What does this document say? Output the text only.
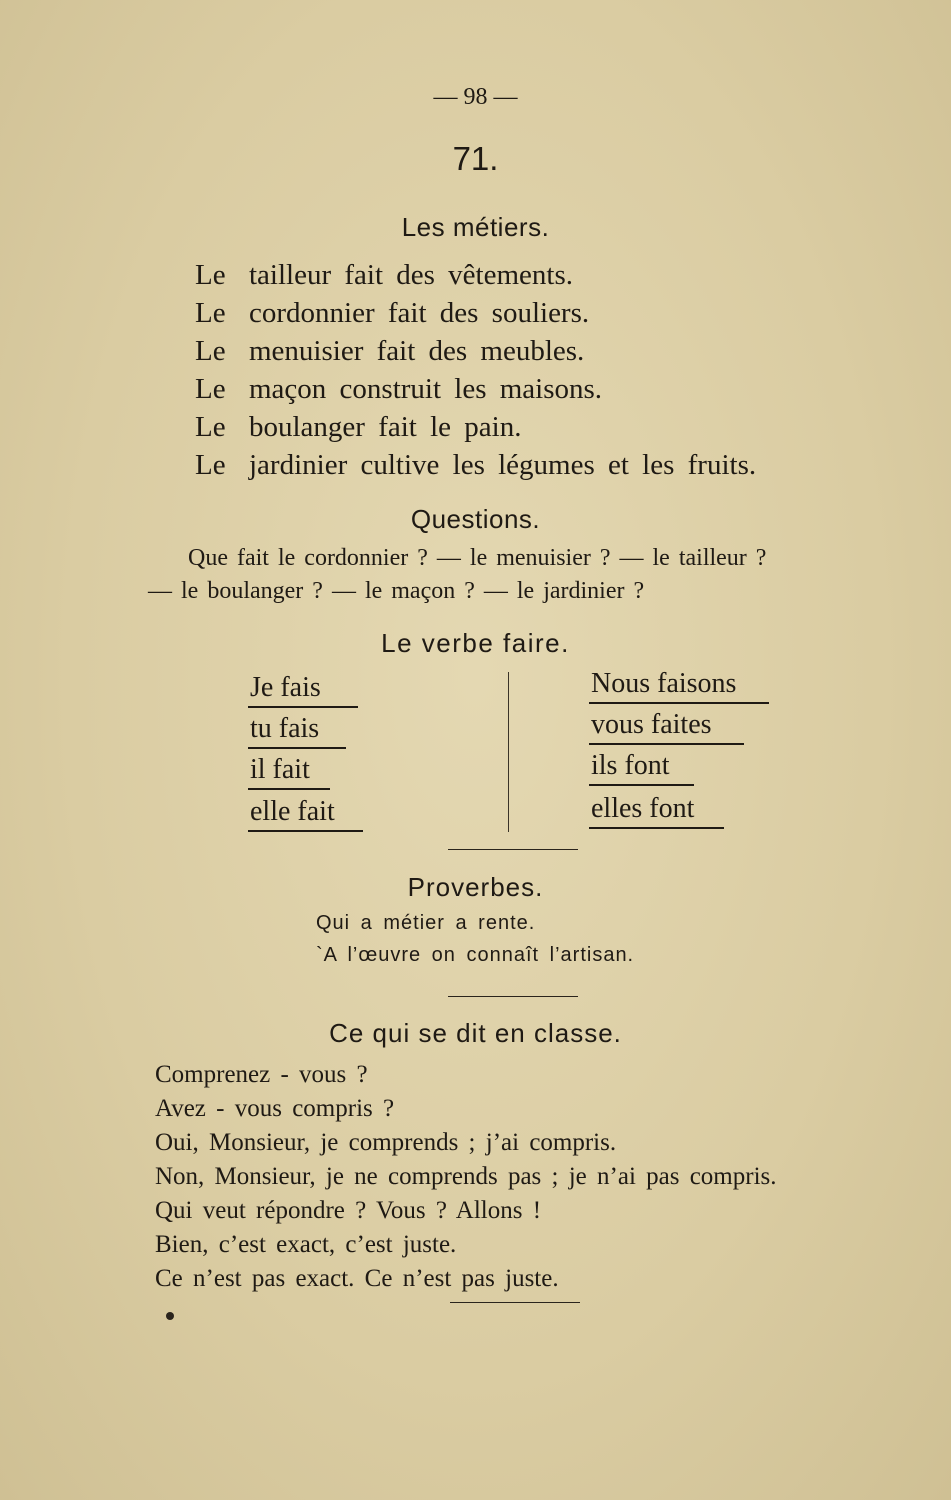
— 98 —
71.
Les métiers.
Le tailleur fait des vêtements.
Le cordonnier fait des souliers.
Le menuisier fait des meubles.
Le maçon construit les maisons.
Le boulanger fait le pain.
Le jardinier cultive les légumes et les fruits.
Questions.
Que fait le cordonnier ? — le menuisier ? — le tailleur ?
— le boulanger ? — le maçon ? — le jardinier ?
Le verbe faire.
Je fais
tu fais
il fait
elle fait
Nous faisons
vous faites
ils font
elles font
Proverbes.
Qui a métier a rente.
`A l’œuvre on connaît l’artisan.
Ce qui se dit en classe.
Comprenez - vous ?
Avez - vous compris ?
Oui, Monsieur, je comprends ; j’ai compris.
Non, Monsieur, je ne comprends pas ; je n’ai pas compris.
Qui veut répondre ? Vous ? Allons !
Bien, c’est exact, c’est juste.
Ce n’est pas exact. Ce n’est pas juste.
